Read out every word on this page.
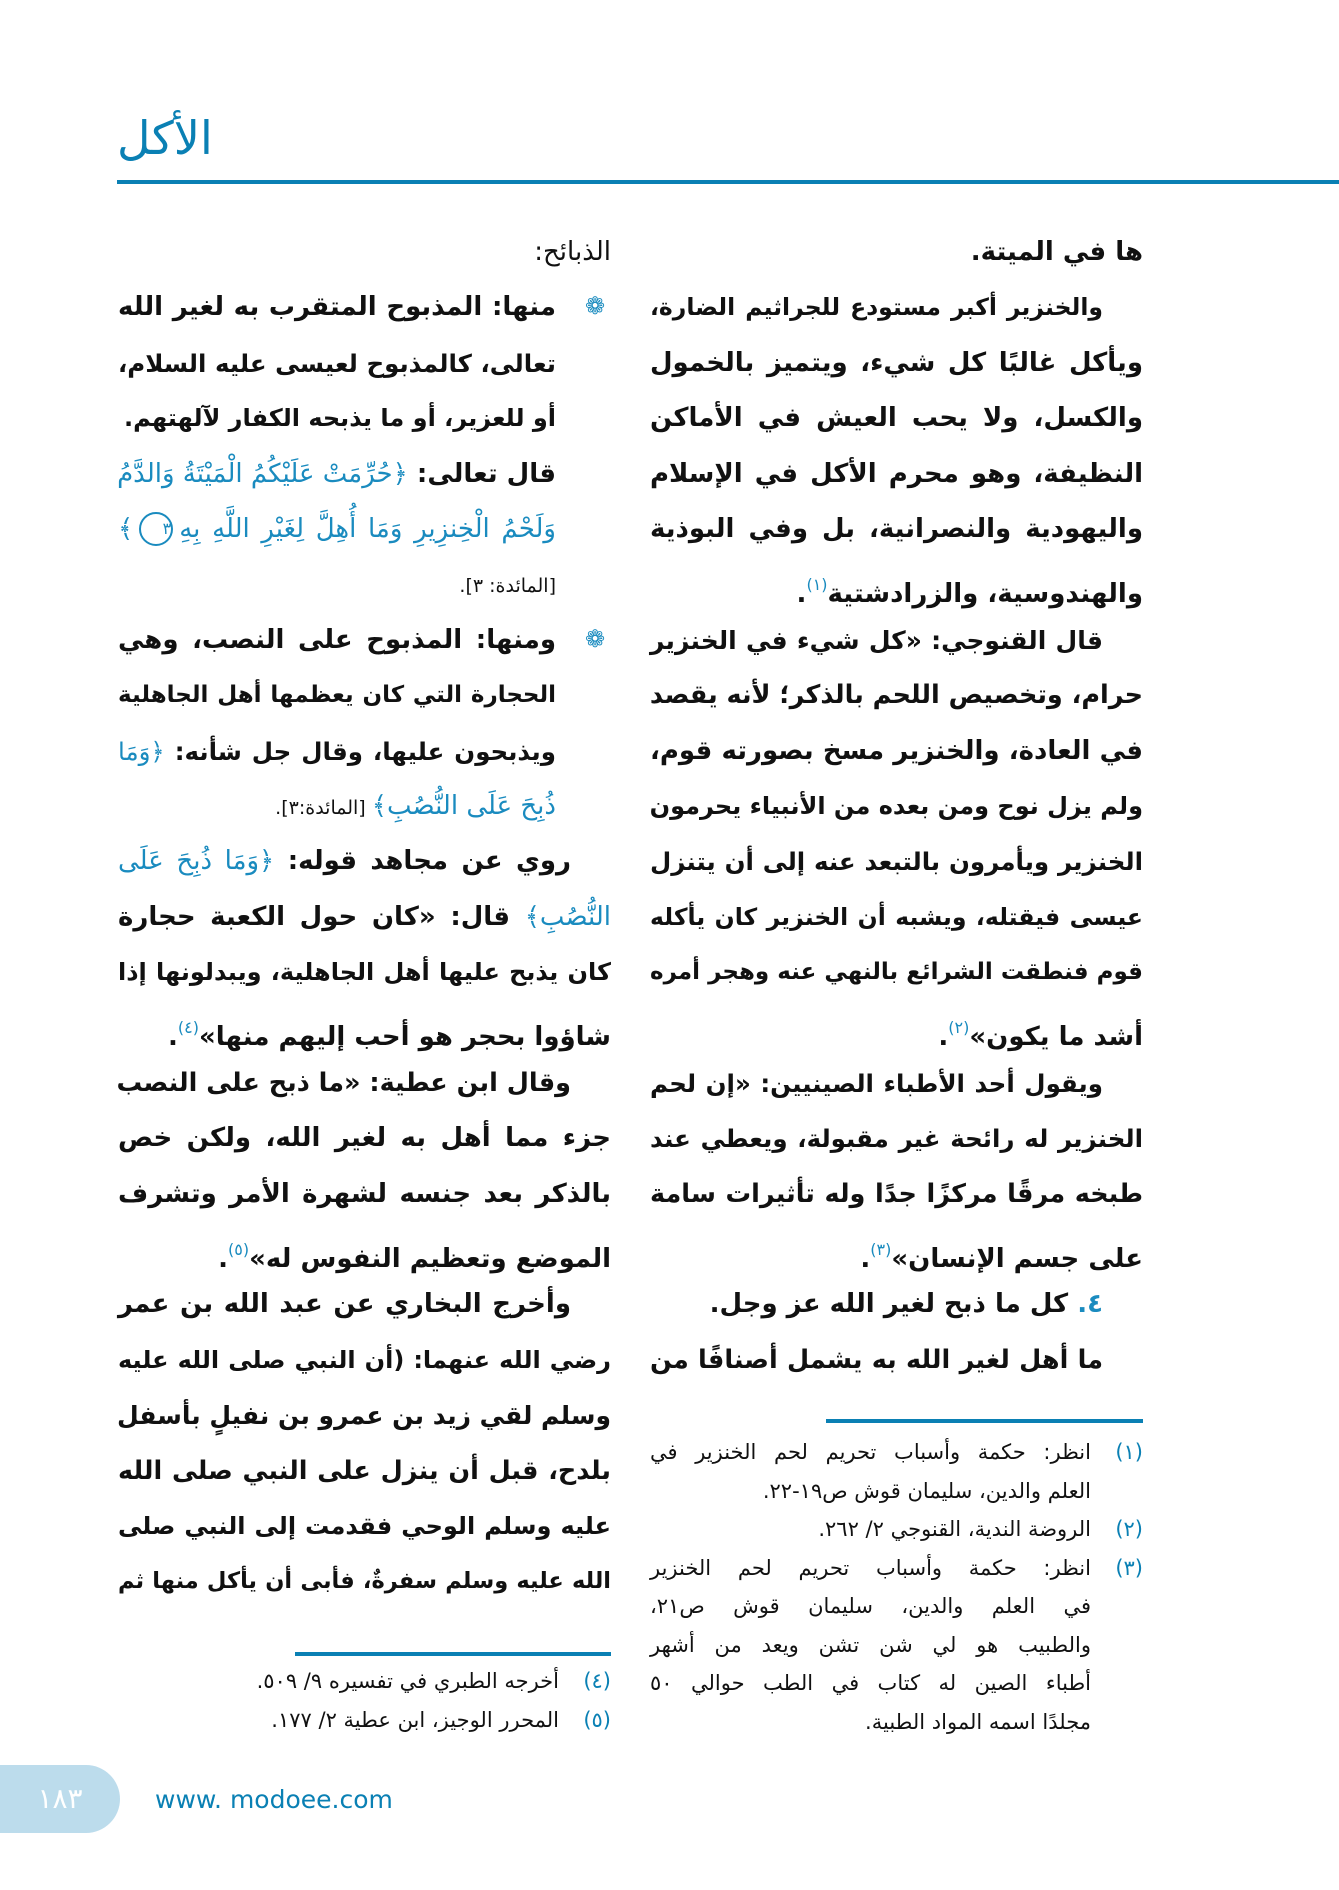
الأكل
ها في الميتة.
والخنزير أكبر مستودع للجراثيم الضارة،
ويأكل غالبًا كل شيء، ويتميز بالخمول
والكسل، ولا يحب العيش في الأماكن
النظيفة، وهو محرم الأكل في الإسلام
واليهودية والنصرانية، بل وفي البوذية
والهندوسية، والزرادشتية$^{(١)}$.
قال القنوجي: «كل شيء في الخنزير
حرام، وتخصيص اللحم بالذكر؛ لأنه يقصد
في العادة، والخنزير مسخ بصورته قوم،
ولم يزل نوح ومن بعده من الأنبياء يحرمون
الخنزير ويأمرون بالتبعد عنه إلى أن يتنزل
عيسى فيقتله، ويشبه أن الخنزير كان يأكله
قوم فنطقت الشرائع بالنهي عنه وهجر أمره
أشد ما يكون»$^{(٢)}$.
ويقول أحد الأطباء الصينيين: «إن لحم
الخنزير له رائحة غير مقبولة، ويعطي عند
طبخه مرقًا مركزًا جدًا وله تأثيرات سامة
على جسم الإنسان»$^{(٣)}$.
٤. كل ما ذبح لغير الله عز وجل.
ما أهل لغير الله به يشمل أصنافًا من
الذبائح:
❁
منها: المذبوح المتقرب به لغير الله
تعالى، كالمذبوح لعيسى عليه السلام،
أو للعزير، أو ما يذبحه الكفار لآلهتهم.
قال تعالى: ﴿حُرِّمَتْ عَلَيْكُمُ الْمَيْتَةُ وَالدَّمُ
وَلَحْمُ الْخِنزِيرِ وَمَا أُهِلَّ لِغَيْرِ اللَّهِ بِهِ٣﴾
[المائدة: ٣].
❁
ومنها: المذبوح على النصب، وهي
الحجارة التي كان يعظمها أهل الجاهلية
ويذبحون عليها، وقال جل شأنه: ﴿وَمَا
ذُبِحَ عَلَى النُّصُبِ﴾ [المائدة:٣].
روي عن مجاهد قوله: ﴿وَمَا ذُبِحَ عَلَى
النُّصُبِ﴾ قال: «كان حول الكعبة حجارة
كان يذبح عليها أهل الجاهلية، ويبدلونها إذا
شاؤوا بحجر هو أحب إليهم منها»$^{(٤)}$.
وقال ابن عطية: «ما ذبح على النصب
جزء مما أهل به لغير الله، ولكن خص
بالذكر بعد جنسه لشهرة الأمر وتشرف
الموضع وتعظيم النفوس له»$^{(٥)}$.
وأخرج البخاري عن عبد الله بن عمر
رضي الله عنهما: (أن النبي صلى الله عليه
وسلم لقي زيد بن عمرو بن نفيلٍ بأسفل
بلدح، قبل أن ينزل على النبي صلى الله
عليه وسلم الوحي فقدمت إلى النبي صلى
الله عليه وسلم سفرةٌ، فأبى أن يأكل منها ثم
(١)
انظر: حكمة وأسباب تحريم لحم الخنزير في
العلم والدين، سليمان قوش ص١٩-٢٢.
(٢)
الروضة الندية، القنوجي ٢/ ٢٦٢.
(٣)
انظر: حكمة وأسباب تحريم لحم الخنزير
في العلم والدين، سليمان قوش ص٢١،
والطبيب هو لي شن تشن ويعد من أشهر
أطباء الصين له كتاب في الطب حوالي ٥٠
مجلدًا اسمه المواد الطبية.
(٤)
أخرجه الطبري في تفسيره ٩/ ٥٠٩.
(٥)
المحرر الوجيز، ابن عطية ٢/ ١٧٧.
١٨٣	www. modoee.com
